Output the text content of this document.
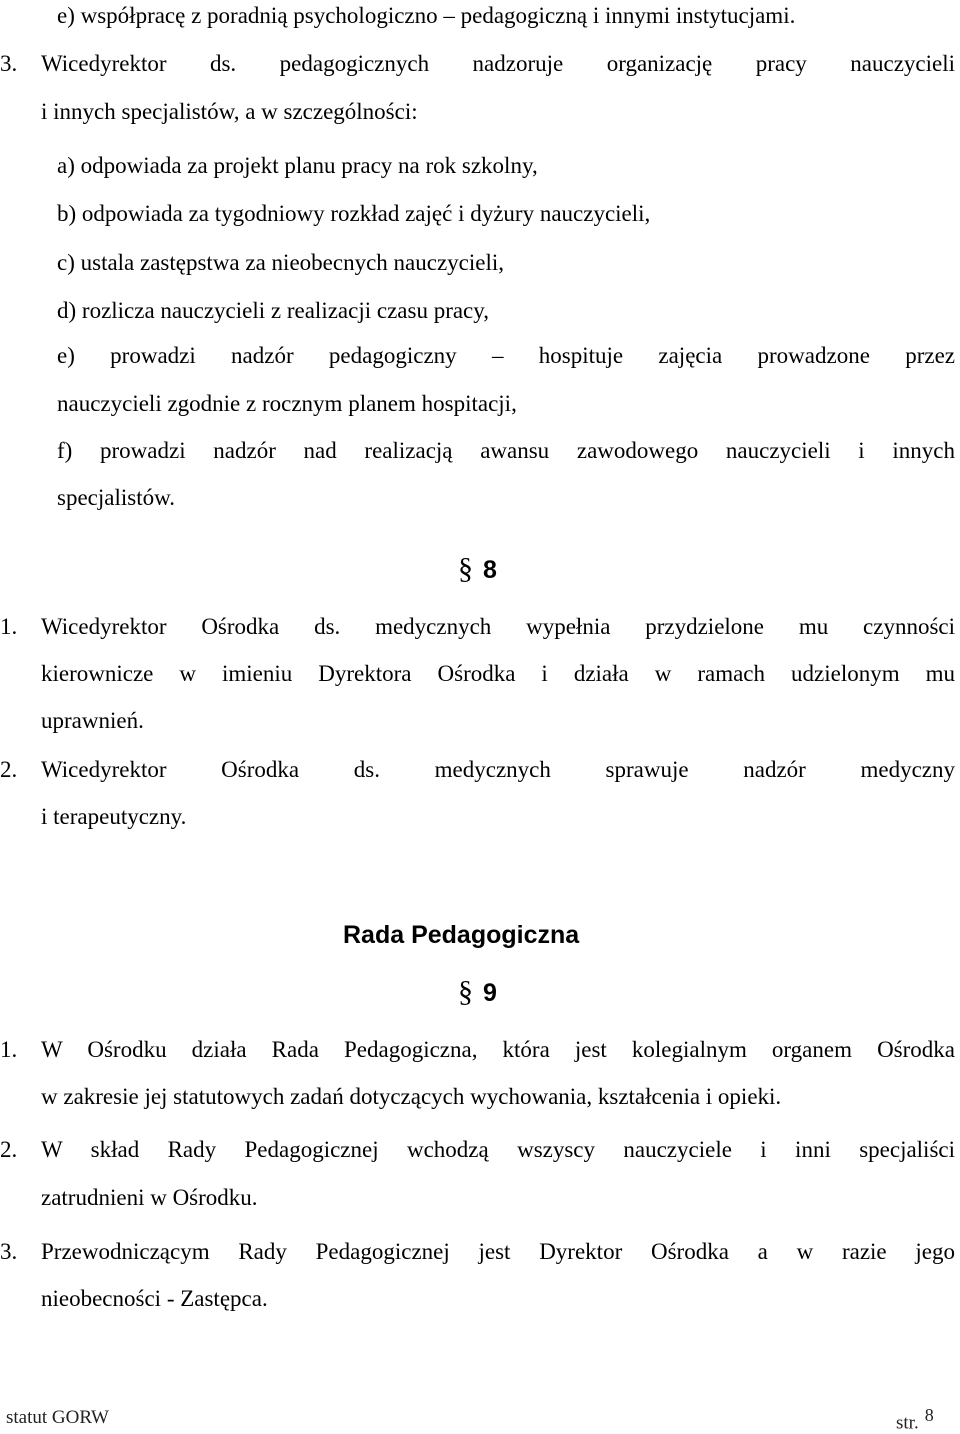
e) współpracę z poradnią psychologiczno – pedagogiczną i innymi instytucjami.
3. Wicedyrektor ds. pedagogicznych nadzoruje organizację pracy nauczycieli
i innych specjalistów, a w szczególności:
a) odpowiada za projekt planu pracy na rok szkolny,
b) odpowiada za tygodniowy rozkład zajęć i dyżury nauczycieli,
c) ustala zastępstwa za nieobecnych nauczycieli,
d) rozlicza nauczycieli z realizacji czasu pracy,
e) prowadzi nadzór pedagogiczny – hospituje zajęcia prowadzone przez
nauczycieli zgodnie z rocznym planem hospitacji,
f) prowadzi nadzór nad realizacją awansu zawodowego nauczycieli i innych
specjalistów.
§ 8
1. Wicedyrektor Ośrodka ds. medycznych wypełnia przydzielone mu czynności
kierownicze w imieniu Dyrektora Ośrodka i działa w ramach udzielonym mu
uprawnień.
2. Wicedyrektor Ośrodka ds. medycznych sprawuje nadzór medyczny
i terapeutyczny.
Rada Pedagogiczna
§ 9
1. W Ośrodku działa Rada Pedagogiczna, która jest kolegialnym organem Ośrodka
w zakresie jej statutowych zadań dotyczących wychowania, kształcenia i opieki.
2. W skład Rady Pedagogicznej wchodzą wszyscy nauczyciele i inni specjaliści
zatrudnieni w Ośrodku.
3. Przewodniczącym Rady Pedagogicznej jest Dyrektor Ośrodka a w razie jego
nieobecności - Zastępca.
statut GORW	str. 8
